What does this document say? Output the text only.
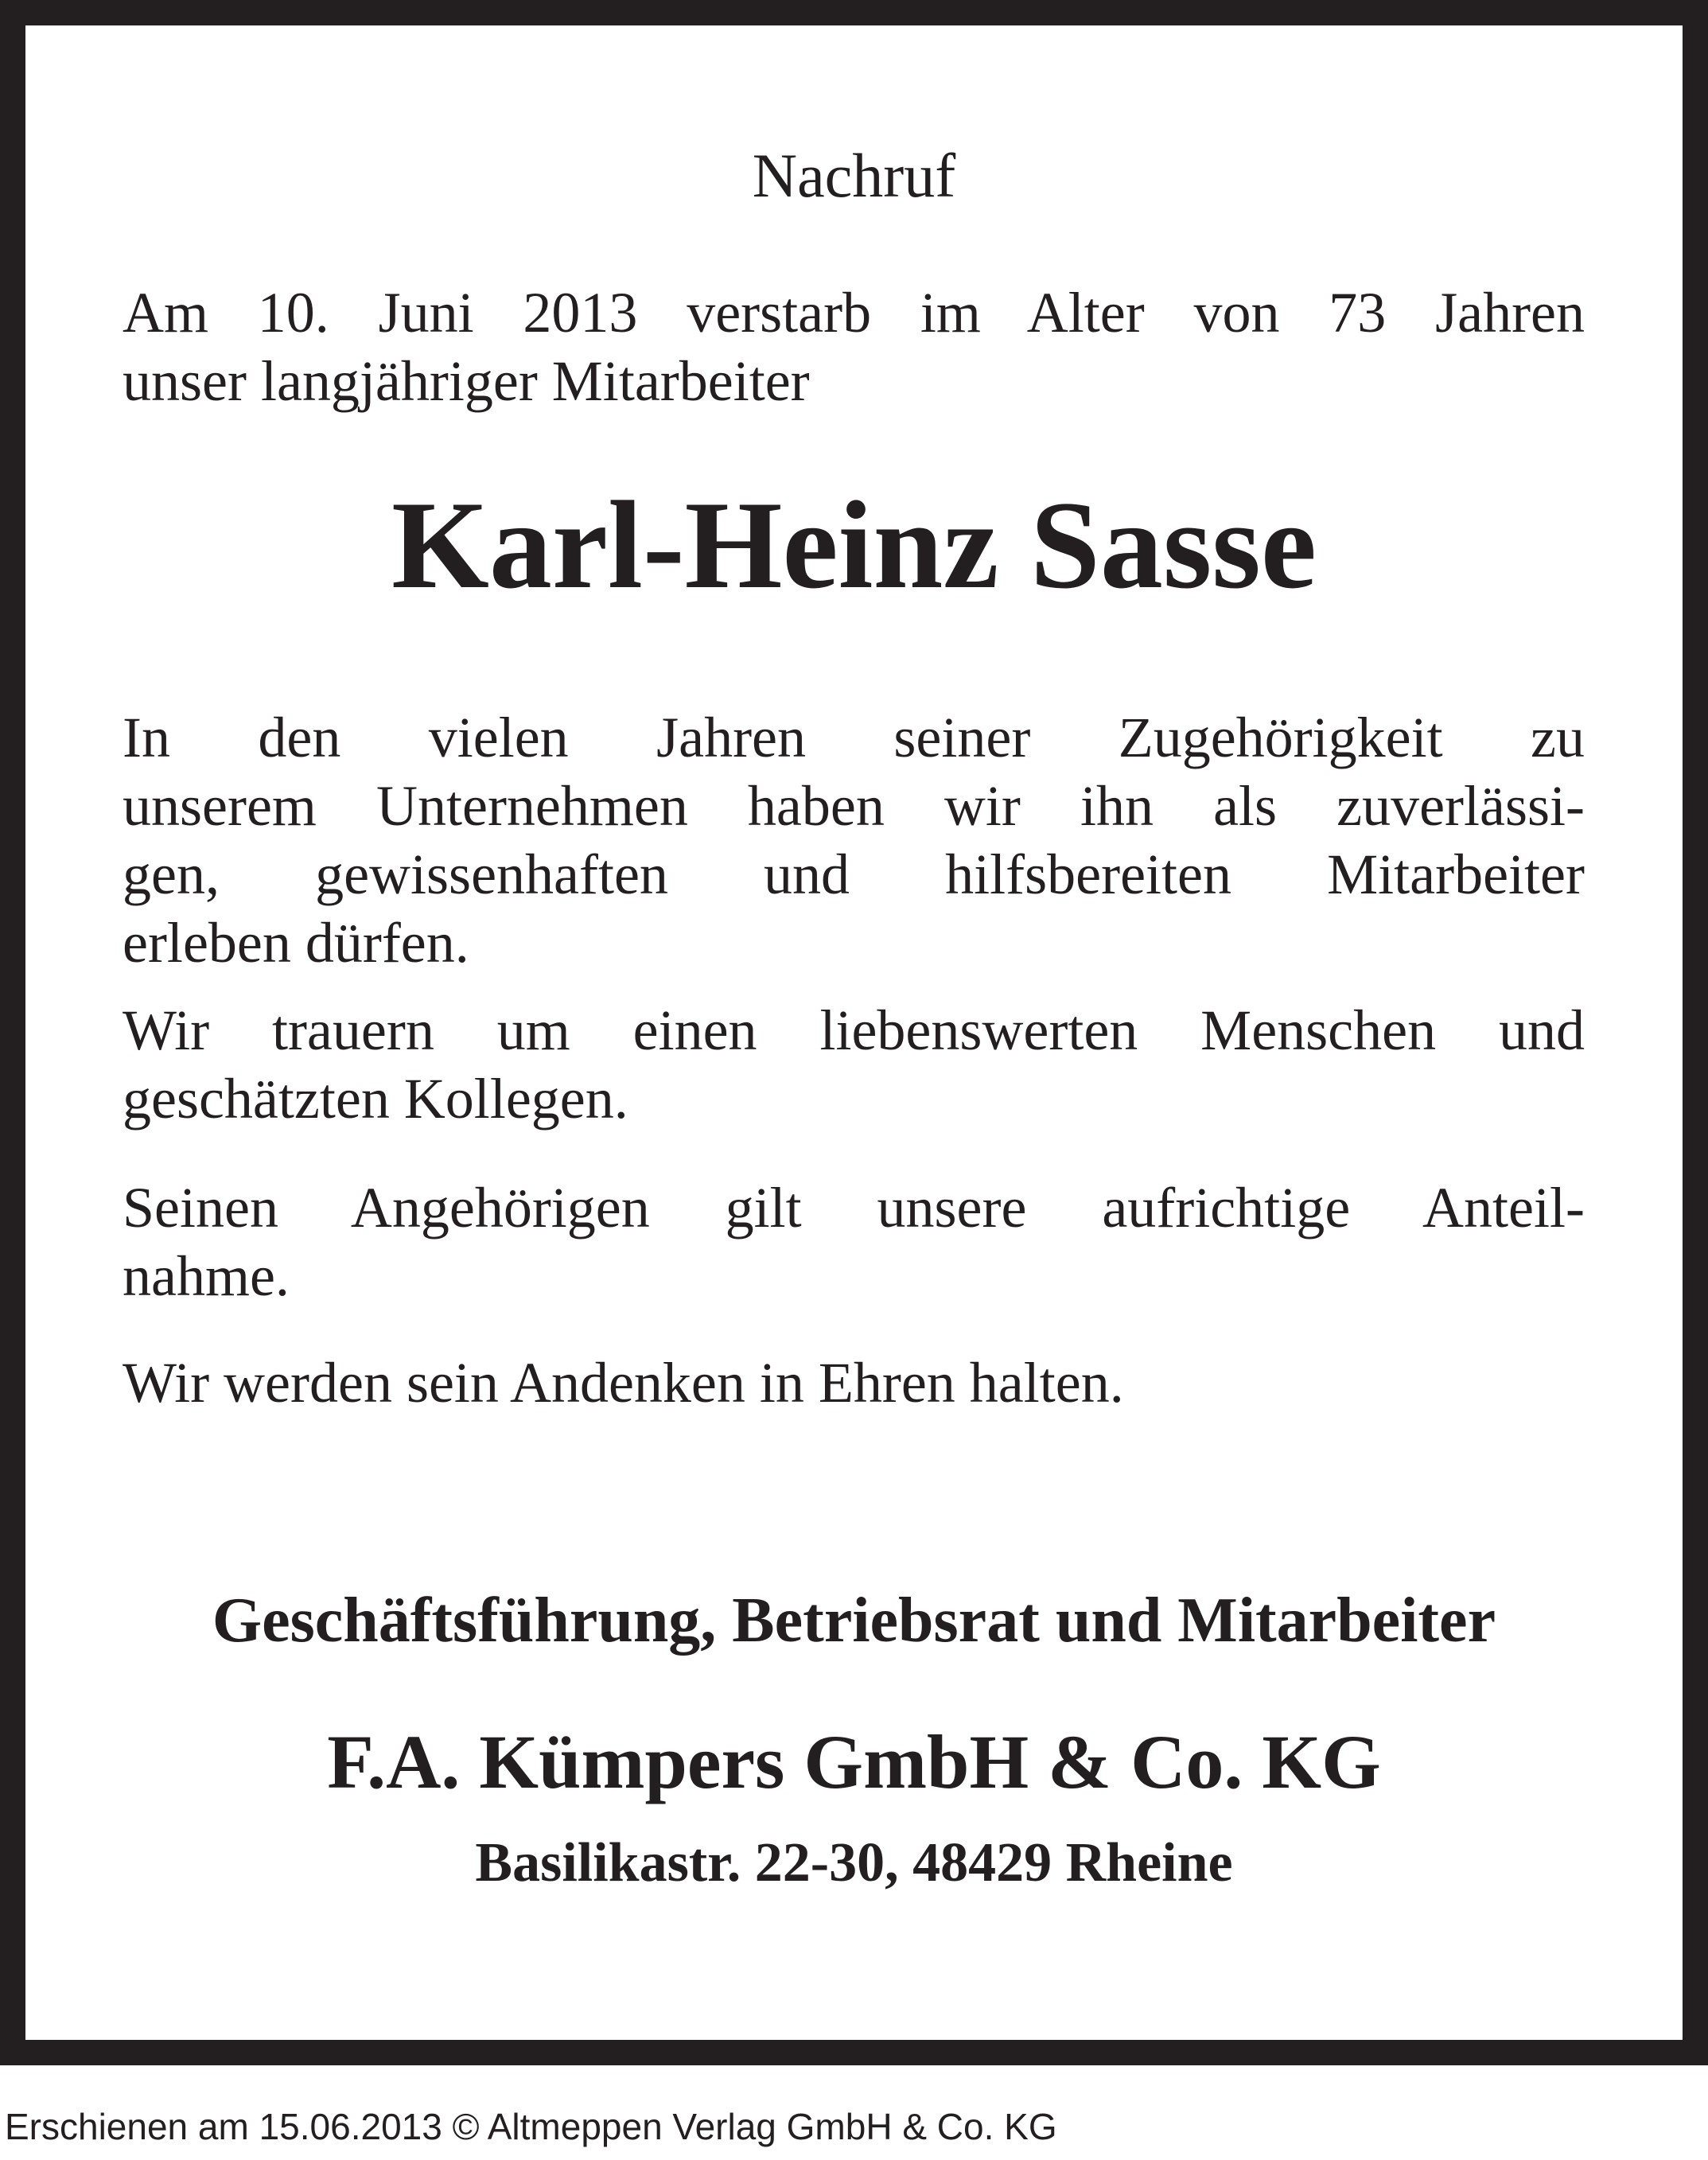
Nachruf
Am 10. Juni 2013 verstarb im Alter von 73 Jahren
unser langjähriger Mitarbeiter
Karl-Heinz Sasse
In den vielen Jahren seiner Zugehörigkeit zu
unserem Unternehmen haben wir ihn als zuverlässi-
gen, gewissenhaften und hilfsbereiten Mitarbeiter
erleben dürfen.
Wir trauern um einen liebenswerten Menschen und
geschätzten Kollegen.
Seinen Angehörigen gilt unsere aufrichtige Anteil-
nahme.
Wir werden sein Andenken in Ehren halten.
Geschäftsführung, Betriebsrat und Mitarbeiter
F.A. Kümpers GmbH & Co. KG
Basilikastr. 22-30, 48429 Rheine
Erschienen am 15.06.2013 © Altmeppen Verlag GmbH & Co. KG
